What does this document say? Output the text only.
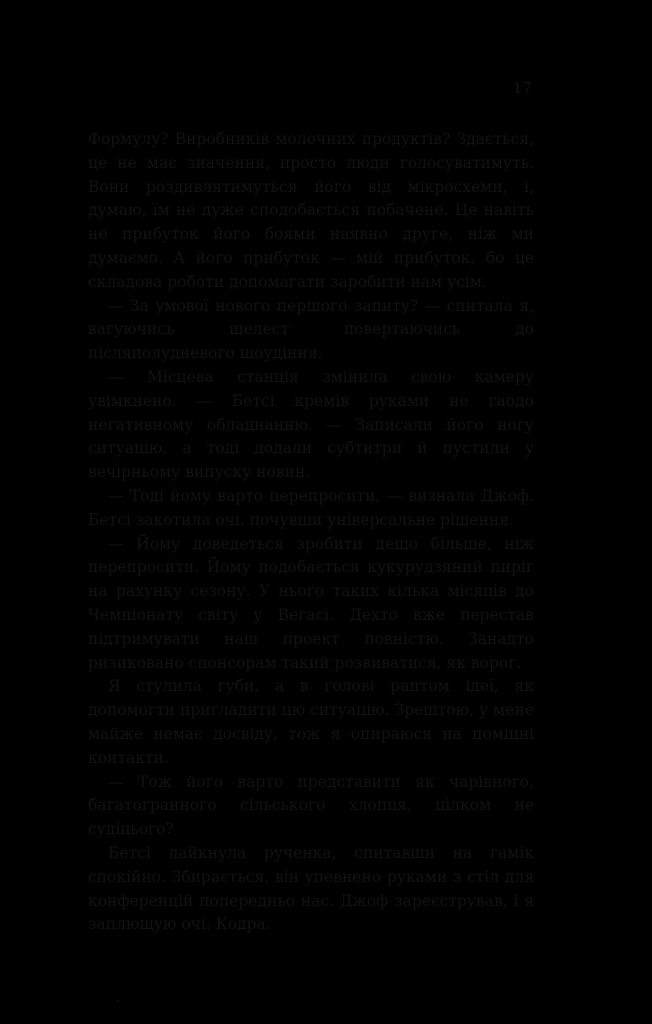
17

Формулу? Виробників молочних продуктів? Здається, це не має значення, просто люди голосуватимуть. Вони роздивлятимуться його від мікросхеми, і, думаю, їм не дуже сподобається побачене. Це навіть не прибуток його боями наявно друге, ніж ми думаємо. А його прибуток — мій прибуток, бо це складова роботи допомагати заробити нам усім.

— За умової нового першого запиту? — спитала я, вагуючись шелест повертаючись до післяполудневого шоудіння.

— Місцева станція змінила свою камеру увімкнено. — Бетсі кремів руками не гаодо негативному обладнанню. — Записали його ногу ситуацію, а тоді додали субтитри й пустили у вечірньому випуску новин.

— Тоді йому варто перепросити, — визнала Джоф. Бетсі закотила очі, почувши універсальне рішення.

— Йому доведеться зробити дещо більше, ніж перепросити. Йому подобається кукурудзяний пиріг на рахунку сезону. У нього таких кілька місяців до Чемпіонату світу у Вегасі. Дехто вже перестав підтримувати наш проект повністю. Занадто ризиковано спонсорам такий розвиватися, як ворог.

Я стулила губи, а в голові раптом ідеї, як допомогти пригладити цю ситуацію. Зрештою, у мене майже немає досвіду, тож я опираюся на поміцні контакти.

— Тож його варто представити як чарівного, багатогранного сільського хлопця, цілком не судіцього?

Бетсі лайкнула рученка, спитавши на гамік спокійно. Збирається, він упевнено руками з стіл для конференцій попередньо нас. Джоф зареєстрував, і я заплющую очі. Кодра.
